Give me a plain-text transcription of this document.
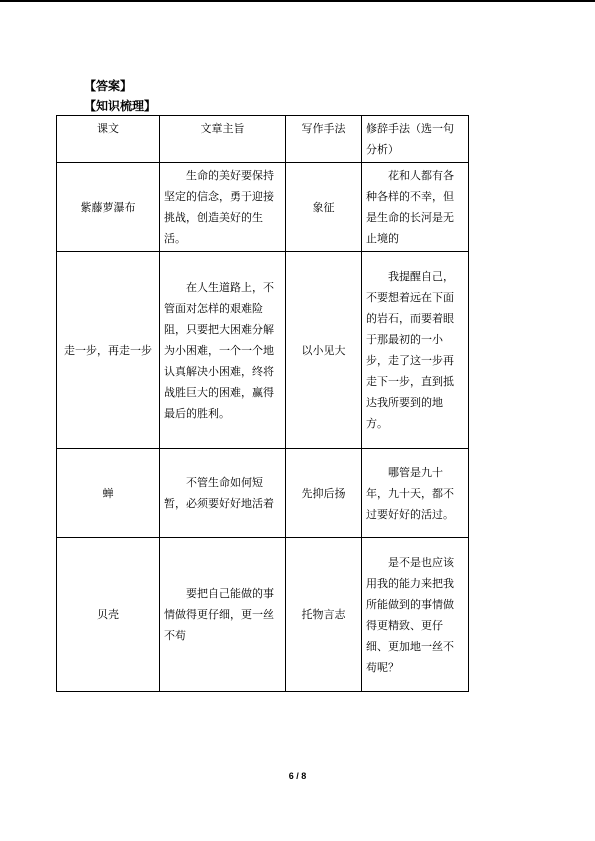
【答案】
【知识梳理】
课文	文章主旨	写作手法	修辞手法（选一句分析）
紫藤萝瀑布	生命的美好要保持坚定的信念，勇于迎接挑战，创造美好的生活。	象征	花和人都有各种各样的不幸，但是生命的长河是无止境的

走一步，再走一步	在人生道路上，不管面对怎样的艰难险阻，只要把大困难分解为小困难，一个一个地认真解决小困难，终将战胜巨大的困难，赢得最后的胜利。	以小见大	我提醒自己，不要想着远在下面的岩石，而要着眼于那最初的一小步，走了这一步再走下一步，直到抵达我所要到的地方。

蝉	不管生命如何短暂，必须要好好地活着	先抑后扬	哪管是九十年，九十天，都不过要好好的活过。

贝壳	要把自己能做的事情做得更仔细，更一丝不苟	托物言志	是不是也应该用我的能力来把我所能做到的事情做得更精致、更仔细、更加地一丝不苟呢？
6 / 8
